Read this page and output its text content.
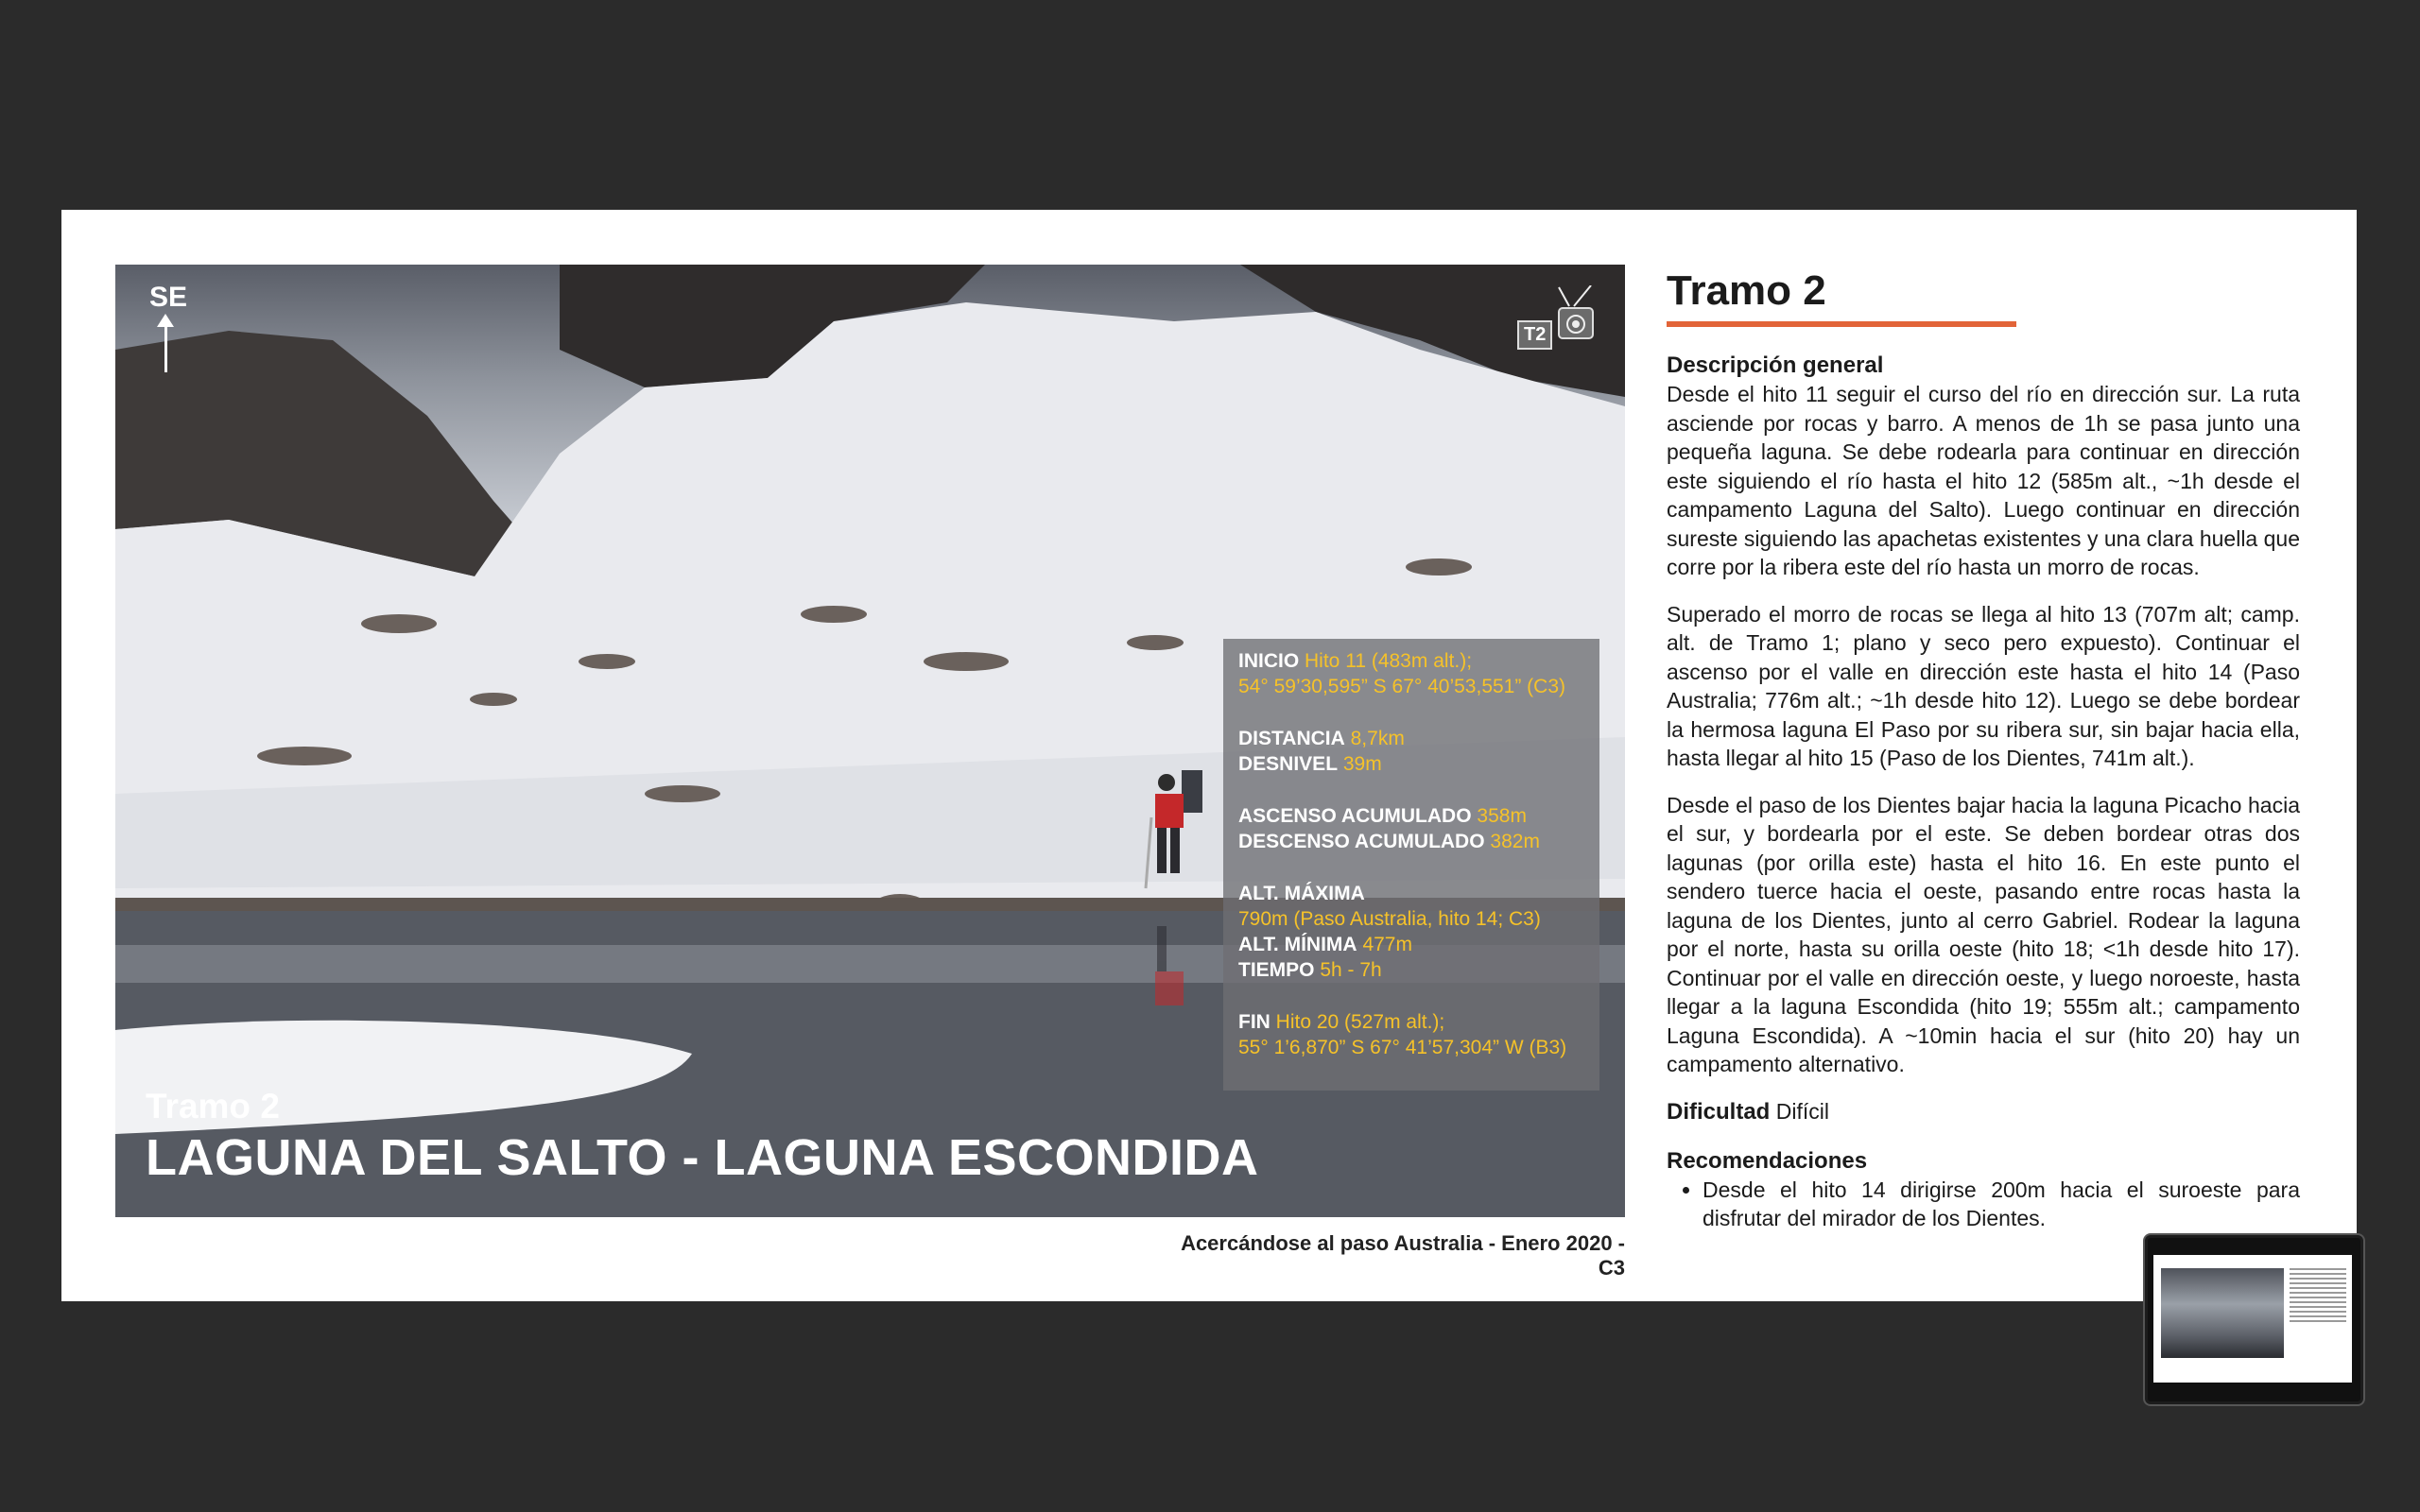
SE
T2
INICIO Hito 11 (483m alt.);
54° 59’30,595” S 67° 40’53,551” (C3)
DISTANCIA 8,7km
DESNIVEL 39m
ASCENSO ACUMULADO 358m
DESCENSO ACUMULADO 382m
ALT. MÁXIMA
790m (Paso Australia, hito 14; C3)
ALT. MÍNIMA 477m
TIEMPO 5h - 7h
FIN Hito 20 (527m alt.);
55° 1’6,870” S 67° 41’57,304” W (B3)
Tramo 2
LAGUNA DEL SALTO - LAGUNA ESCONDIDA
Acercándose al paso Australia - Enero 2020 - C3
Tramo 2
Descripción general

Desde el hito 11 seguir el curso del río en dirección sur. La ruta asciende por rocas y barro. A menos de 1h se pasa junto una pequeña laguna. Se debe rodearla para continuar en dirección este siguiendo el río hasta el hito 12 (585m alt., ~1h desde el campamento Laguna del Salto). Luego continuar en dirección sureste siguiendo las apachetas existentes y una clara huella que corre por la ribera este del río hasta un morro de rocas.

Superado el morro de rocas se llega al hito 13 (707m alt; camp. alt. de Tramo 1; plano y seco pero expuesto). Continuar el ascenso por el valle en dirección este hasta el hito 14 (Paso Australia; 776m alt.; ~1h desde hito 12). Luego se debe bordear la hermosa laguna El Paso por su ribera sur, sin bajar hacia ella, hasta llegar al hito 15 (Paso de los Dientes, 741m alt.).

Desde el paso de los Dientes bajar hacia la laguna Picacho hacia el sur, y bordearla por el este. Se deben bordear otras dos lagunas (por orilla este) hasta el hito 16. En este punto el sendero tuerce hacia el oeste, pasando entre rocas hasta la laguna de los Dientes, junto al cerro Gabriel. Rodear la laguna por el norte, hasta su orilla oeste (hito 18; <1h desde hito 17). Continuar por el valle en dirección oeste, y luego noroeste, hasta llegar a la laguna Escondida (hito 19; 555m alt.; campamento Laguna Escondida). A ~10min hacia el sur (hito 20) hay un campamento alternativo.

Dificultad Difícil

Recomendaciones
• Desde el hito 14 dirigirse 200m hacia el suroeste para disfrutar del mirador de los Dientes.
